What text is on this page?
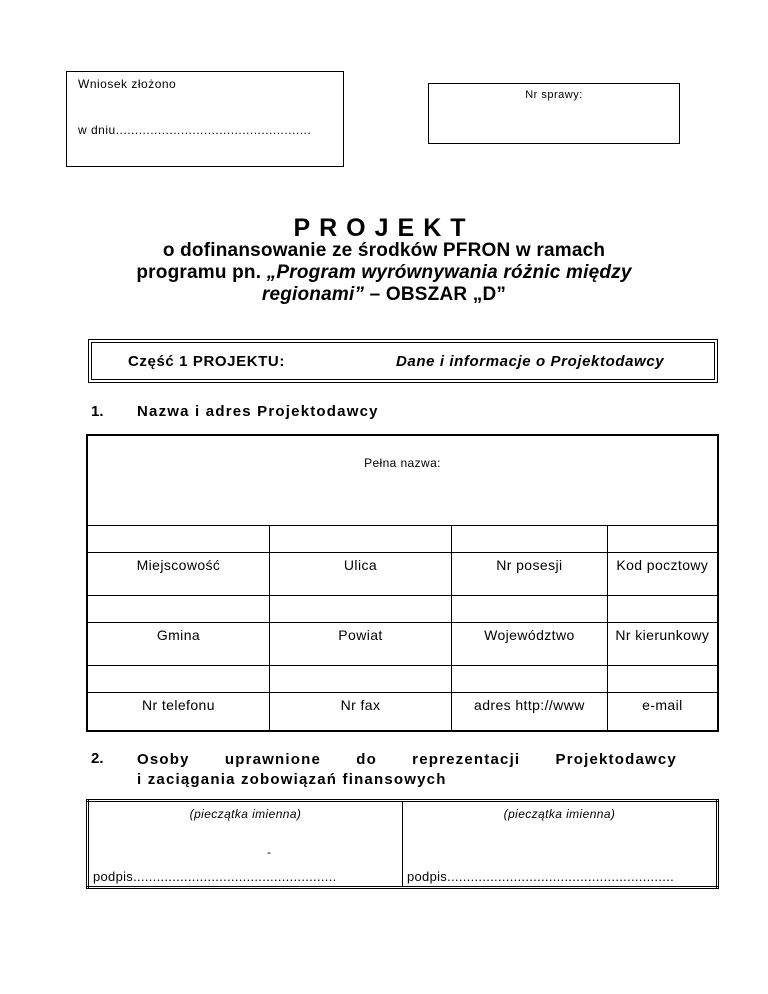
Wniosek złożono
w dniu...................................................
Nr sprawy:
PROJEKT
o dofinansowanie ze środków PFRON w ramach
programu pn. „Program wyrównywania różnic między
regionami” – OBSZAR „D”
Część 1 PROJEKTU:	Dane i informacje o Projektodawcy
1. Nazwa i adres Projektodawcy
Pełna nazwa:			

Miejscowość	Ulica	Nr posesji	Kod pocztowy

Gmina	Powiat	Województwo	Nr kierunkowy

Nr telefonu	Nr fax	adres http://www	e-mail
2. Osoby uprawnione do reprezentacji Projektodawcy
i zaciągania zobowiązań finansowych
(pieczątka imienna)
-
podpis....................................................

(pieczątka imienna)
podpis..........................................................
